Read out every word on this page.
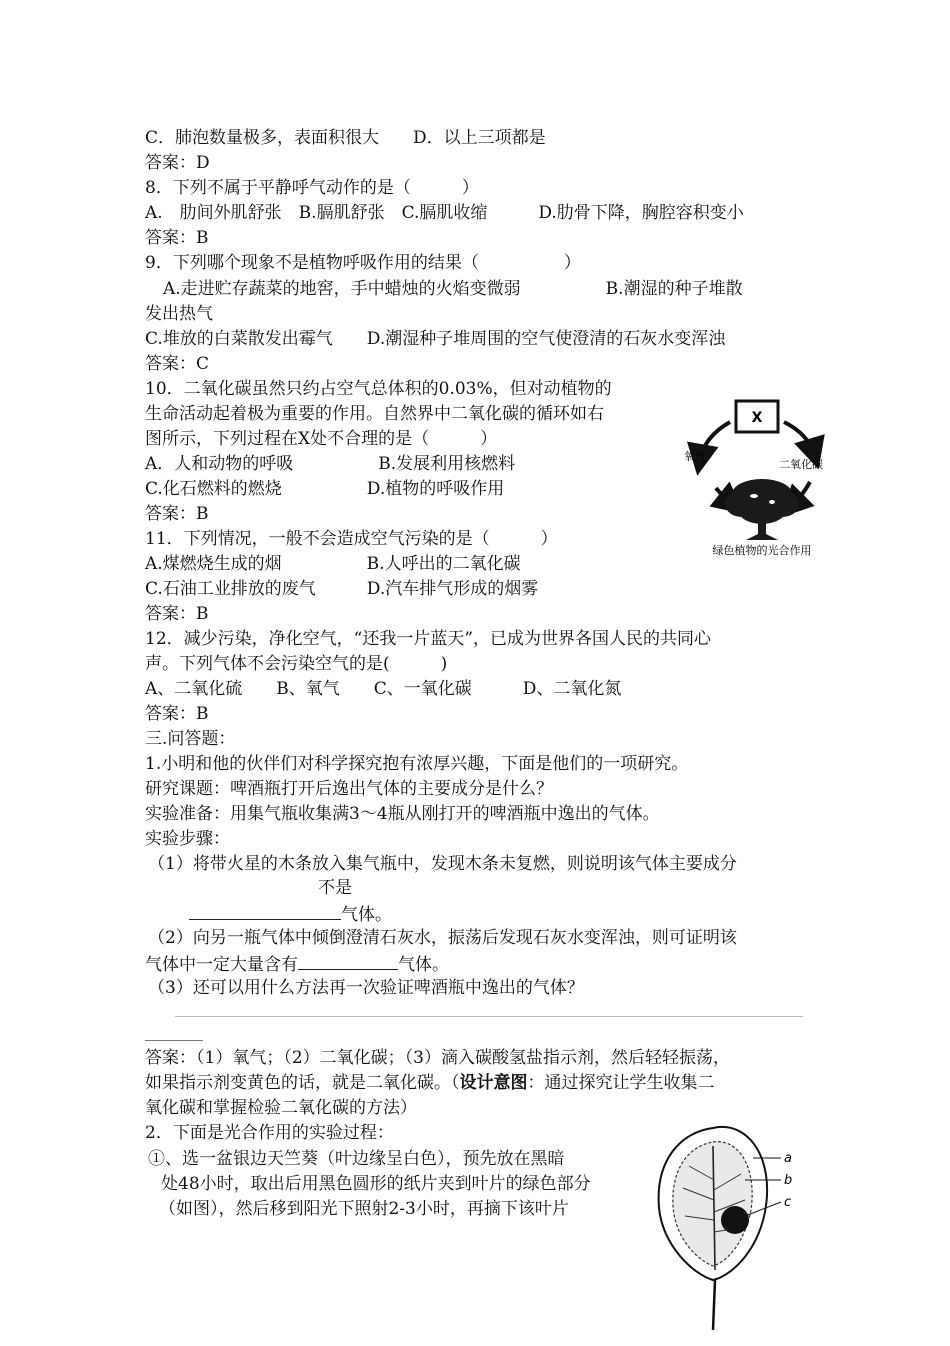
C．肺泡数量极多，表面积很大　　D．以上三项都是
答案：D
8．下列不属于平静呼气动作的是（　　　）
A.　肋间外肌舒张　B.膈肌舒张　C.膈肌收缩　　　D.肋骨下降，胸腔容积变小
答案：B
9．下列哪个现象不是植物呼吸作用的结果（　　　　　）
A.走进贮存蔬菜的地窖，手中蜡烛的火焰变微弱　　　　　B.潮湿的种子堆散
发出热气
C.堆放的白菜散发出霉气　　D.潮湿种子堆周围的空气使澄清的石灰水变浑浊
答案：C
10．二氧化碳虽然只约占空气总体积的0.03%，但对动植物的
生命活动起着极为重要的作用。自然界中二氧化碳的循环如右
图所示，下列过程在X处不合理的是（　　　）
A．人和动物的呼吸　　　　　B.发展利用核燃料
C.化石燃料的燃烧　　　　　D.植物的呼吸作用
答案：B
11．下列情况，一般不会造成空气污染的是（　　　）
A.煤燃烧生成的烟　　　　　B.人呼出的二氧化碳
C.石油工业排放的废气　　　D.汽车排气形成的烟雾
答案：B
12．减少污染，净化空气，“还我一片蓝天”，已成为世界各国人民的共同心
声。下列气体不会污染空气的是(　　　)
A、二氧化硫　　B、氧气　　C、一氧化碳　　　D、二氧化氮
答案：B
三.问答题：
1.小明和他的伙伴们对科学探究抱有浓厚兴趣，下面是他们的一项研究。
研究课题：啤酒瓶打开后逸出气体的主要成分是什么？
实验准备：用集气瓶收集满3～4瓶从刚打开的啤酒瓶中逸出的气体。
实验步骤：
（1）将带火星的木条放入集气瓶中，发现木条未复燃，则说明该气体主要成分
不是
气体。
（2）向另一瓶气体中倾倒澄清石灰水，振荡后发现石灰水变浑浊，则可证明该
气体中一定大量含有	气体。
（3）还可以用什么方法再一次验证啤酒瓶中逸出的气体？
答案：（1）氧气；（2）二氧化碳；（3）滴入碳酸氢盐指示剂，然后轻轻振荡，
如果指示剂变黄色的话，就是二氧化碳。（设计意图：通过探究让学生收集二
氧化碳和掌握检验二氧化碳的方法）
2．下面是光合作用的实验过程：
①、选一盆银边天竺葵（叶边缘呈白色），预先放在黑暗
处48小时，取出后用黑色圆形的纸片夹到叶片的绿色部分
（如图），然后移到阳光下照射2-3小时，再摘下该叶片
X
氧气
二氧化碳
绿色植物的光合作用
a
b
c
